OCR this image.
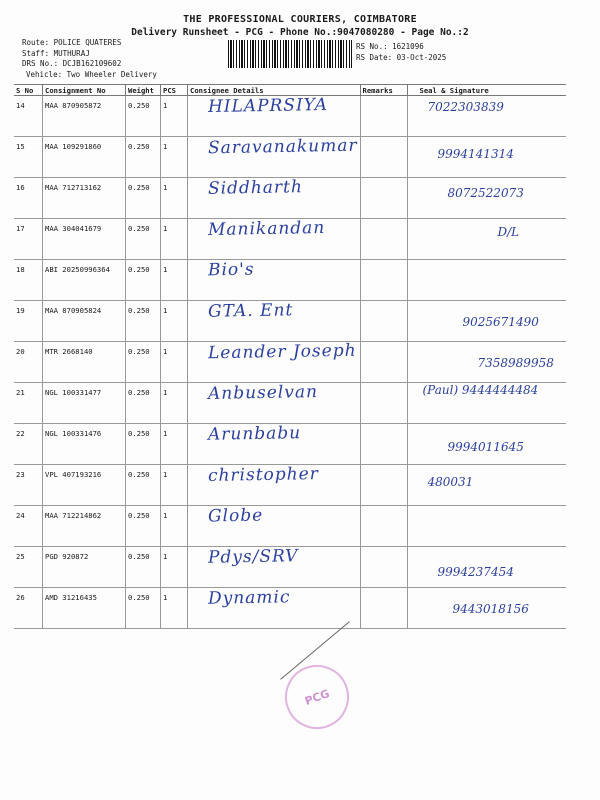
THE PROFESSIONAL COURIERS, COIMBATORE
Delivery Runsheet - PCG - Phone No.:9047080280 - Page No.:2
Route: POLICE QUATERES
Staff: MUTHURAJ
DRS No.: DCJB162109602
Vehicle: Two Wheeler Delivery
RS No.: 1621096
RS Date: 03-Oct-2025
S No	Consignment No	Weight	PCS	Consignee Details	Remarks	Seal & Signature
14	MAA 870905872	0.250	1	HILAPRSIYA		7022303839

15	MAA 109291860	0.250	1	Saravanakumar		9994141314

16	MAA 712713162	0.250	1	Siddharth		8072522073

17	MAA 304041679	0.250	1	Manikandan		D/L

18	ABI 20250996364	0.250	1	Bio's		

19	MAA 870905824	0.250	1	GTA. Ent		9025671490

20	MTR 2668140	0.250	1	Leander Joseph		7358989958

21	NGL 100331477	0.250	1	Anbuselvan		(Paul) 9444444484

22	NGL 100331476	0.250	1	Arunbabu		9994011645

23	VPL 407193216	0.250	1	christopher		480031

24	MAA 712214862	0.250	1	Globe		

25	PGD 920872	0.250	1	Pdys/SRV		9994237454

26	AMD 31216435	0.250	1	Dynamic		9443018156
PCG
